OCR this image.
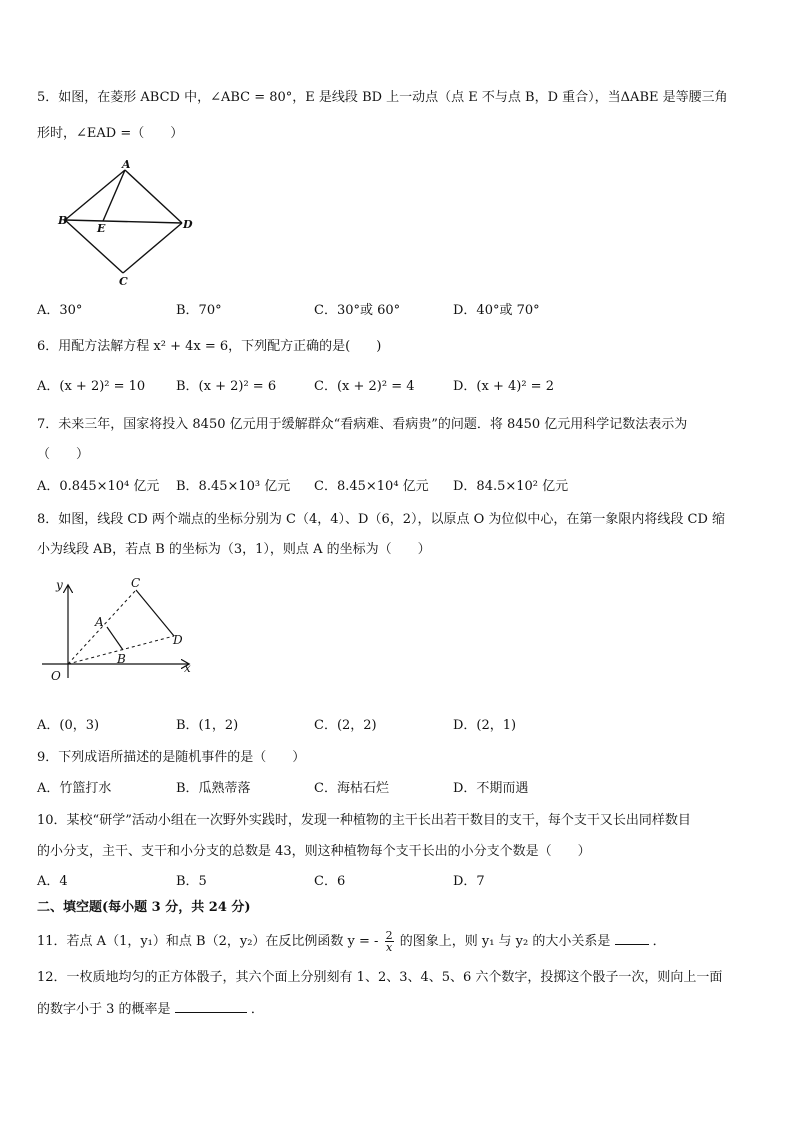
5．如图，在菱形 ABCD 中，∠ABC = 80°，E 是线段 BD 上一动点（点 E 不与点 B，D 重合），当ΔABE 是等腰三角
形时，∠EAD =（　　）
A
B
E	D
C
A．30°	B．70°	C．30°或 60°	D．40°或 70°
6．用配方法解方程 x² + 4x = 6，下列配方正确的是(　　)
A．(x + 2)² = 10 B．(x + 2)² = 6	C．(x + 2)² = 4	D．(x + 4)² = 2
7．未来三年，国家将投入 8450 亿元用于缓解群众“看病难、看病贵”的问题．将 8450 亿元用科学记数法表示为
（　　）
A．0.845×10⁴ 亿元 B．8.45×10³ 亿元 C．8.45×10⁴ 亿元 D．84.5×10² 亿元
8．如图，线段 CD 两个端点的坐标分别为 C（4，4）、D（6，2），以原点 O 为位似中心，在第一象限内将线段 CD 缩
小为线段 AB，若点 B 的坐标为（3，1），则点 A 的坐标为（　　）
y
x
O
A
B
C
D
A．(0，3)	B．(1，2)	C．(2，2)	D．(2，1)
9．下列成语所描述的是随机事件的是（　　）
A．竹篮打水	B．瓜熟蒂落	C．海枯石烂	D．不期而遇
10．某校“研学”活动小组在一次野外实践时，发现一种植物的主干长出若干数目的支干，每个支干又长出同样数目
的小分支，主干、支干和小分支的总数是 43，则这种植物每个支干长出的小分支个数是（　　）
A．4	B．5	C．6	D．7
二、填空题(每小题 3 分，共 24 分)
11．若点 A（1，y₁）和点 B（2，y₂）在反比例函数 y = - $\frac{2}{x}$ 的图象上，则 y₁ 与 y₂ 的大小关系是	．
12．一枚质地均匀的正方体骰子，其六个面上分别刻有 1、2、3、4、5、6 六个数字，投掷这个骰子一次，则向上一面
的数字小于 3 的概率是	．
